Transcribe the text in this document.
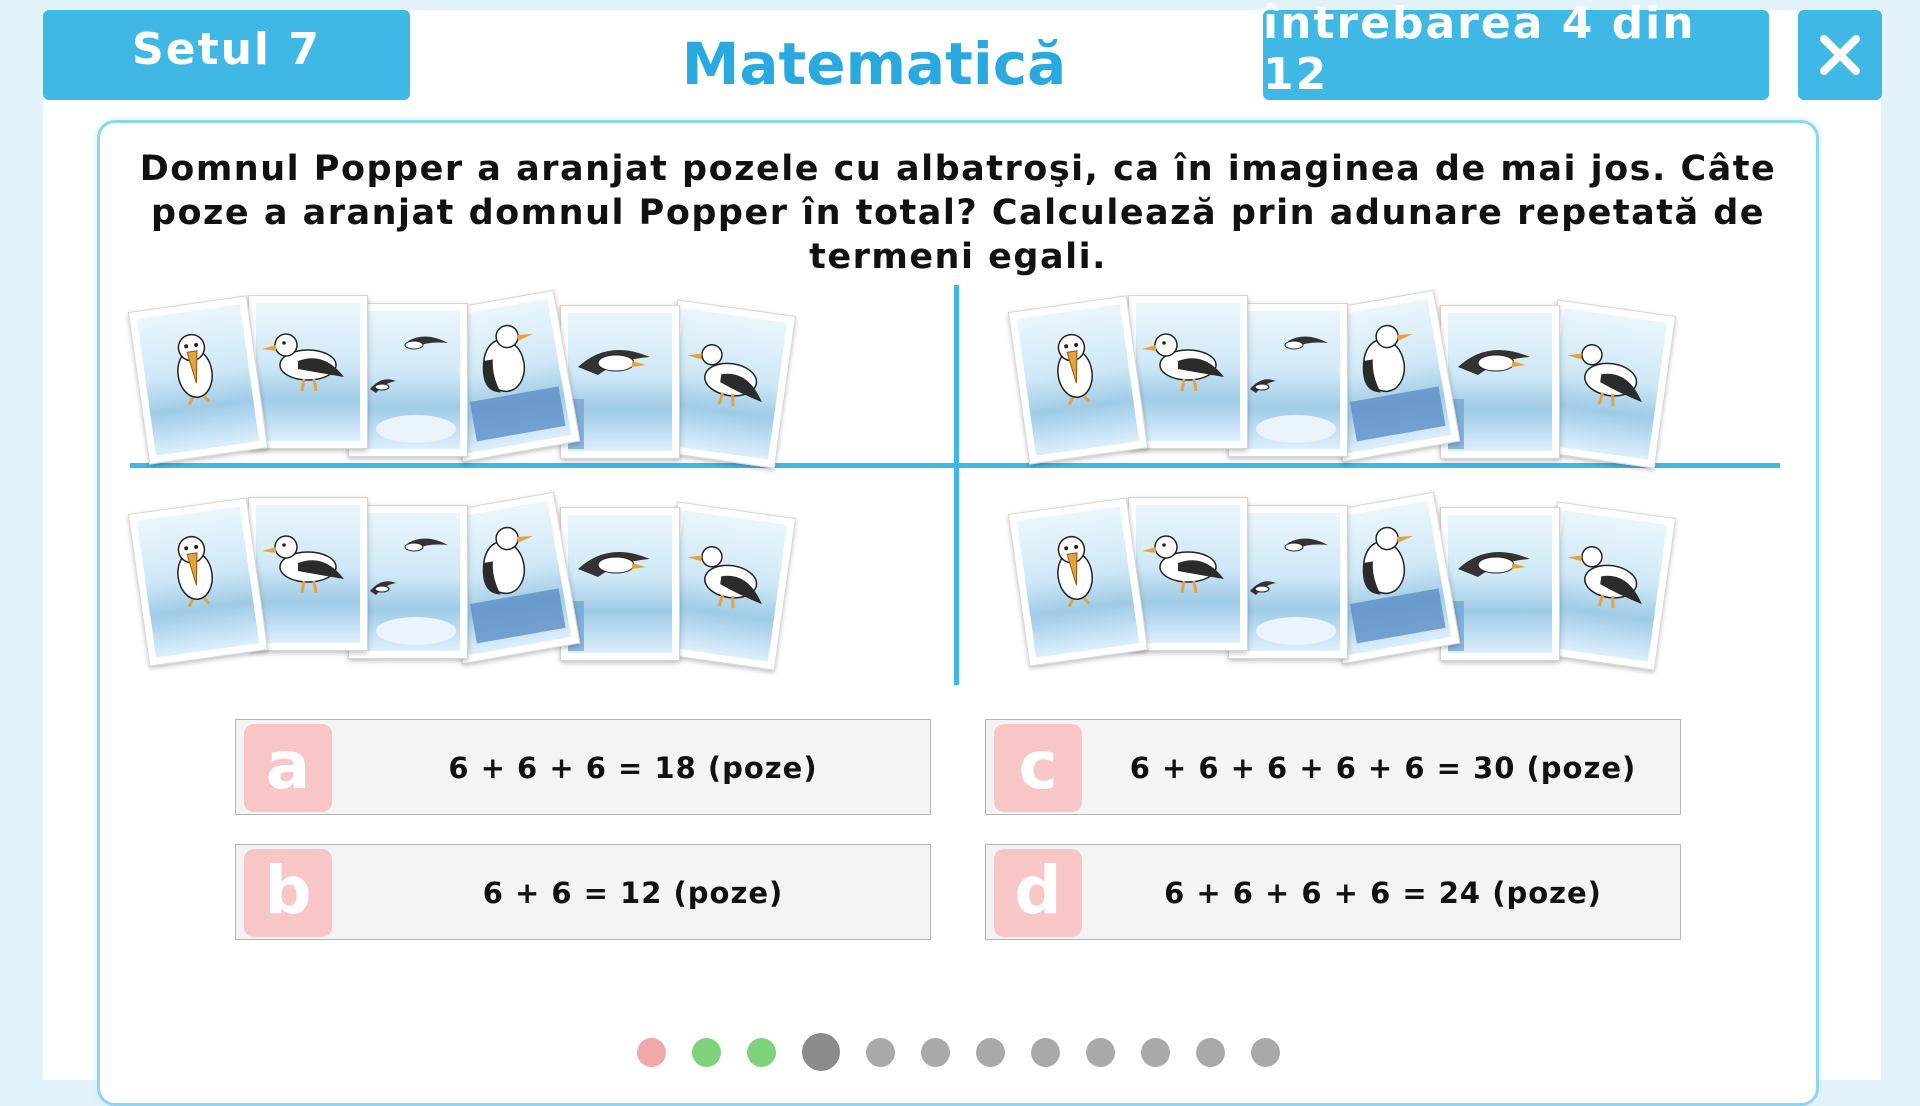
Setul 7	Matematică
întrebarea 4 din 12

Domnul Popper a aranjat pozele cu albatroşi, ca în imaginea de mai jos. Câte poze a aranjat domnul Popper în total? Calculează prin adunare repetată de termeni egali.

a	6 + 6 + 6 = 18 (poze)
b	6 + 6 = 12 (poze)
c	6 + 6 + 6 + 6 + 6 = 30 (poze)
d	6 + 6 + 6 + 6 = 24 (poze)
